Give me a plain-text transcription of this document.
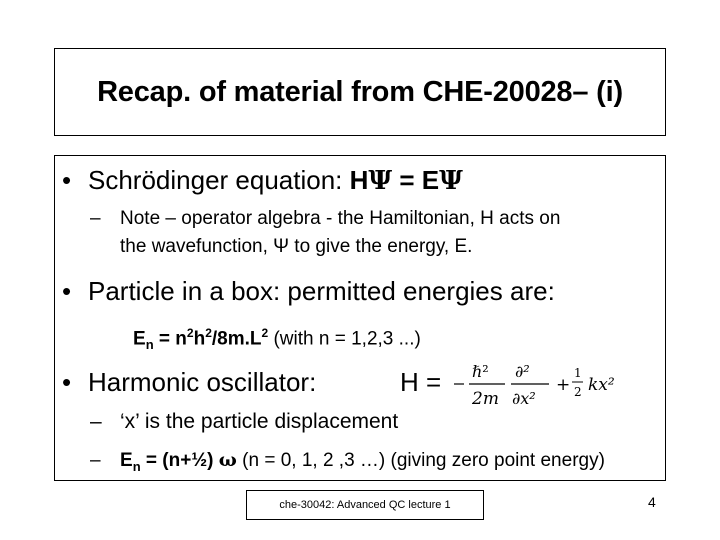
Recap. of material from CHE-20028– (i)
• Schrödinger equation: HΨ = EΨ
– Note – operator algebra - the Hamiltonian, H acts on
the wavefunction, Ψ to give the energy, E.
• Particle in a box: permitted energies are:
$E_n = n^2h^2/8m.L^2$ (with n = 1,2,3 ...)
• Harmonic oscillator:	H = ℏ²
2m
∂²
∂x²
+
1
2 kx²
– ‘x’ is the particle displacement
– $E_n$ = (n+½) ω (n = 0, 1, 2 ,3 …) (giving zero point energy)
che-30042: Advanced QC lecture 1	4
